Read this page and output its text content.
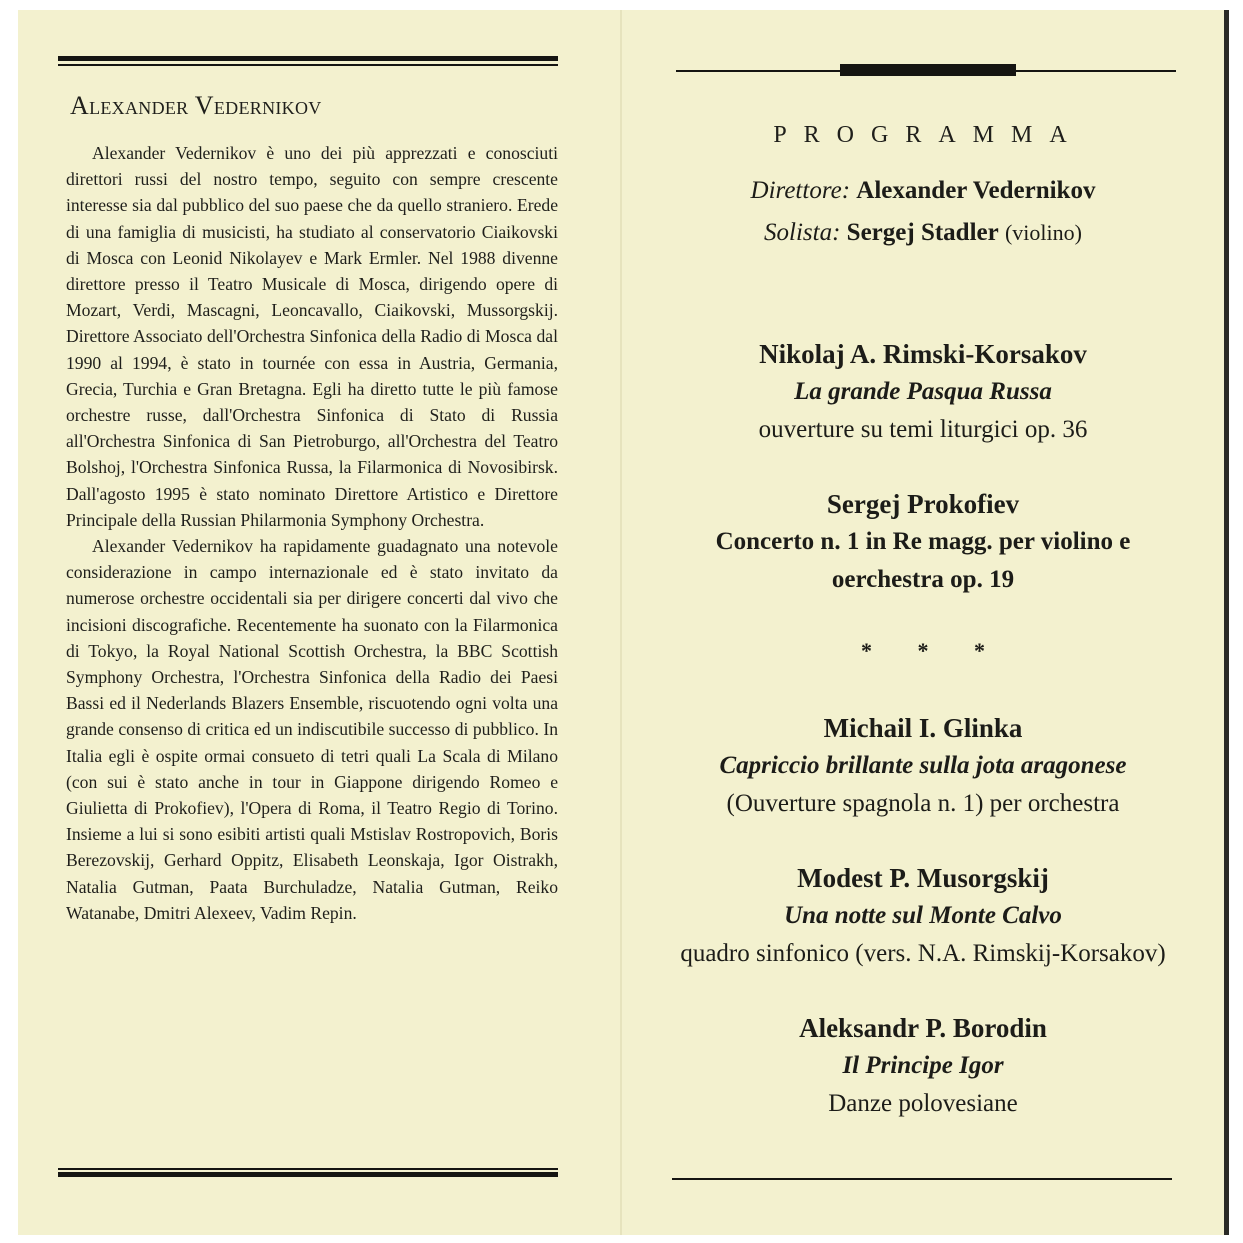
Alexander Vedernikov

Alexander Vedernikov è uno dei più apprezzati e conosciuti direttori russi del nostro tempo, seguito con sempre crescente interesse sia dal pubblico del suo paese che da quello straniero. Erede di una famiglia di musicisti, ha studiato al conservatorio Ciaikovski di Mosca con Leonid Nikolayev e Mark Ermler. Nel 1988 divenne direttore presso il Teatro Musicale di Mosca, dirigendo opere di Mozart, Verdi, Mascagni, Leoncavallo, Ciaikovski, Mussorgskij. Direttore Associato dell'Orchestra Sinfonica della Radio di Mosca dal 1990 al 1994, è stato in tournée con essa in Austria, Germania, Grecia, Turchia e Gran Bretagna. Egli ha diretto tutte le più famose orchestre russe, dall'Orchestra Sinfonica di Stato di Russia all'Orchestra Sinfonica di San Pietroburgo, all'Orchestra del Teatro Bolshoj, l'Orchestra Sinfonica Russa, la Filarmonica di Novosibirsk. Dall'agosto 1995 è stato nominato Direttore Artistico e Direttore Principale della Russian Philarmonia Symphony Orchestra.

Alexander Vedernikov ha rapidamente guadagnato una notevole considerazione in campo internazionale ed è stato invitato da numerose orchestre occidentali sia per dirigere concerti dal vivo che incisioni discografiche. Recentemente ha suonato con la Filarmonica di Tokyo, la Royal National Scottish Orchestra, la BBC Scottish Symphony Orchestra, l'Orchestra Sinfonica della Radio dei Paesi Bassi ed il Nederlands Blazers Ensemble, riscuotendo ogni volta una grande consenso di critica ed un indiscutibile successo di pubblico. In Italia egli è ospite ormai consueto di tetri quali La Scala di Milano (con sui è stato anche in tour in Giappone dirigendo Romeo e Giulietta di Prokofiev), l'Opera di Roma, il Teatro Regio di Torino. Insieme a lui si sono esibiti artisti quali Mstislav Rostropovich, Boris Berezovskij, Gerhard Oppitz, Elisabeth Leonskaja, Igor Oistrakh, Natalia Gutman, Paata Burchuladze, Natalia Gutman, Reiko Watanabe, Dmitri Alexeev, Vadim Repin.

PROGRAMMA
Direttore: Alexander Vedernikov
Solista: Sergej Stadler (violino)
Nikolaj A. Rimski-Korsakov
La grande Pasqua Russa
ouverture su temi liturgici op. 36
Sergej Prokofiev
Concerto n. 1 in Re magg. per violino e
oerchestra op. 19
* * *
Michail I. Glinka
Capriccio brillante sulla jota aragonese
(Ouverture spagnola n. 1) per orchestra
Modest P. Musorgskij
Una notte sul Monte Calvo
quadro sinfonico (vers. N.A. Rimskij-Korsakov)
Aleksandr P. Borodin
Il Principe Igor
Danze polovesiane
